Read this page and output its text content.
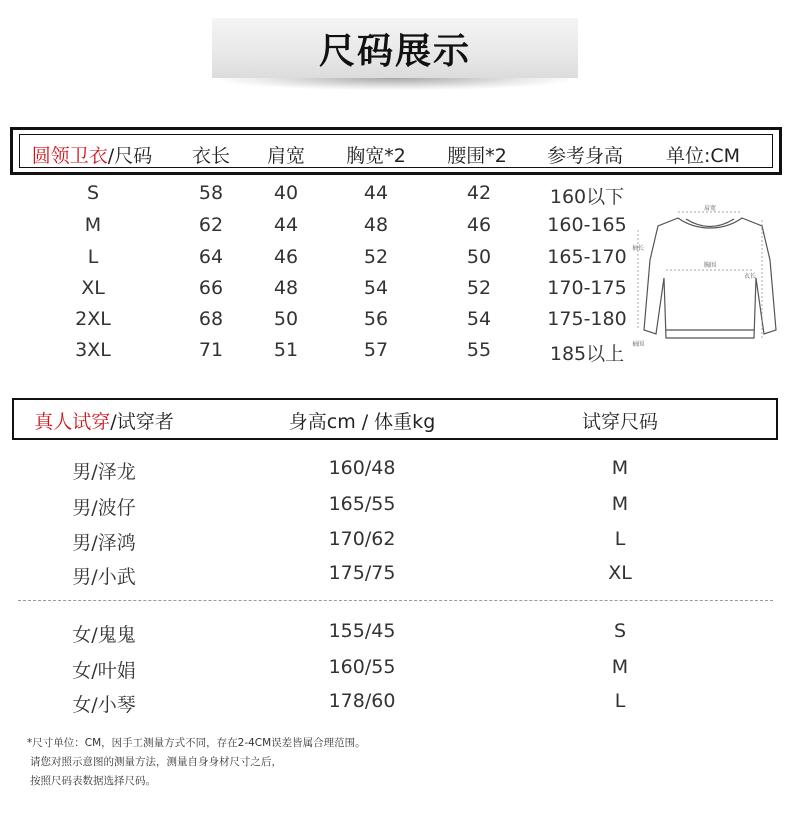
尺码展示
圆领卫衣/尺码 衣长 肩宽 胸宽*2 腰围*2 参考身高 单位:CM
S	58	40	44	42	160以下
M	62	44	48	46	160-165
L	64	46	52	50	165-170
XL	66	48	54	52	170-175
2XL	68	50	56	54	175-180
3XL	71	51	57	55	185以上
肩宽
胸围
袖长
衣长
袖围
真人试穿/试穿者	身高cm / 体重kg	试穿尺码
男/泽龙	160/48	M
男/波仔	165/55	M
男/泽鸿	170/62	L
男/小武	175/75	XL
女/鬼鬼	155/45	S
女/叶娟	160/55	M
女/小琴	178/60	L
*尺寸单位：CM，因手工测量方式不同，存在2-4CM误差皆属合理范围。
请您对照示意图的测量方法，测量自身身材尺寸之后，
按照尺码表数据选择尺码。
